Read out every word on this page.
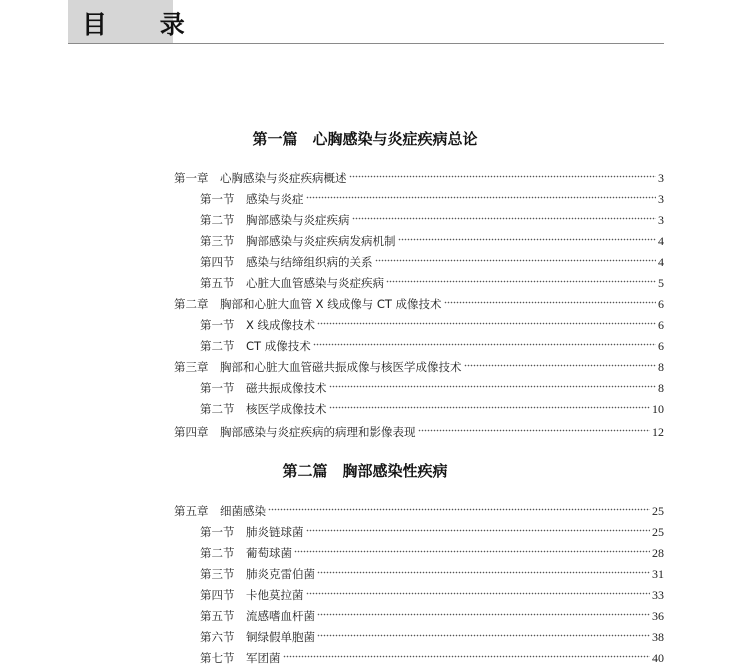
目 录
第一篇　心胸感染与炎症疾病总论
第二篇　胸部感染性疾病
第一章　心胸感染与炎症疾病概述	3
第一节　感染与炎症	3
第二节　胸部感染与炎症疾病	3
第三节　胸部感染与炎症疾病发病机制	4
第四节　感染与结缔组织病的关系	4
第五节　心脏大血管感染与炎症疾病	5
第二章　胸部和心脏大血管 X 线成像与 CT 成像技术	6
第一节　X 线成像技术	6
第二节　CT 成像技术	6
第三章　胸部和心脏大血管磁共振成像与核医学成像技术	8
第一节　磁共振成像技术	8
第二节　核医学成像技术	10
第四章　胸部感染与炎症疾病的病理和影像表现	12
第五章　细菌感染	25
第一节　肺炎链球菌	25
第二节　葡萄球菌	28
第三节　肺炎克雷伯菌	31
第四节　卡他莫拉菌	33
第五节　流感嗜血杆菌	36
第六节　铜绿假单胞菌	38
第七节　军团菌	40
